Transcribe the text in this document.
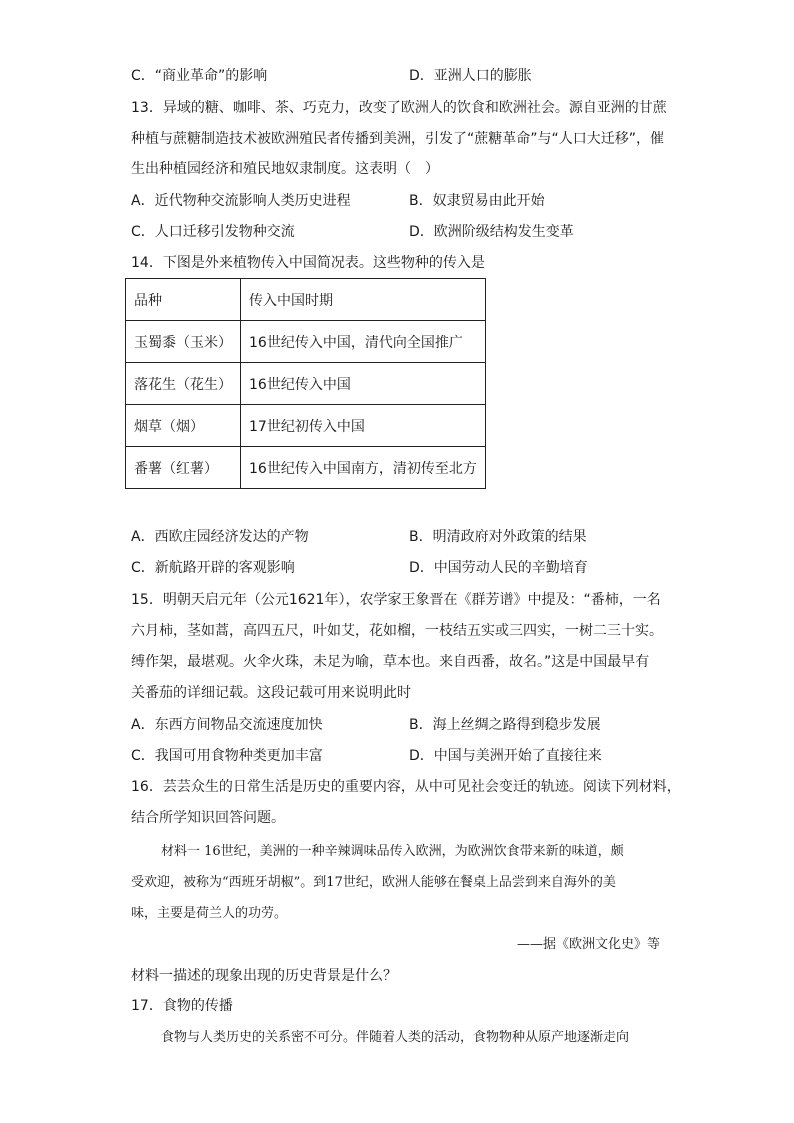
C．“商业革命”的影响	D．亚洲人口的膨胀
13．异域的糖、咖啡、茶、巧克力，改变了欧洲人的饮食和欧洲社会。源自亚洲的甘蔗
种植与蔗糖制造技术被欧洲殖民者传播到美洲，引发了“蔗糖革命”与“人口大迁移”，催
生出种植园经济和殖民地奴隶制度。这表明（　）
A．近代物种交流影响人类历史进程	B．奴隶贸易由此开始
C．人口迁移引发物种交流	D．欧洲阶级结构发生变革
14．下图是外来植物传入中国简况表。这些物种的传入是
品种	传入中国时期
玉蜀黍（玉米）	16世纪传入中国，清代向全国推广
落花生（花生）	16世纪传入中国
烟草（烟）	17世纪初传入中国
番薯（红薯）	16世纪传入中国南方，清初传至北方
A．西欧庄园经济发达的产物	B．明清政府对外政策的结果
C．新航路开辟的客观影响	D．中国劳动人民的辛勤培育
15．明朝天启元年（公元1621年），农学家王象晋在《群芳谱》中提及：“番柿，一名
六月柿，茎如蒿，高四五尺，叶如艾，花如榴，一枝结五实或三四实，一树二三十实。
缚作架，最堪观。火伞火珠，未足为喻，草本也。来自西番，故名。”这是中国最早有
关番茄的详细记载。这段记载可用来说明此时
A．东西方间物品交流速度加快	B．海上丝绸之路得到稳步发展
C．我国可用食物种类更加丰富	D．中国与美洲开始了直接往来
16．芸芸众生的日常生活是历史的重要内容，从中可见社会变迁的轨迹。阅读下列材料，
结合所学知识回答问题。
材料一 16世纪，美洲的一种辛辣调味品传入欧洲，为欧洲饮食带来新的味道，颇
受欢迎，被称为“西班牙胡椒”。到17世纪，欧洲人能够在餐桌上品尝到来自海外的美
味，主要是荷兰人的功劳。
——据《欧洲文化史》等
材料一描述的现象出现的历史背景是什么？
17．食物的传播
食物与人类历史的关系密不可分。伴随着人类的活动，食物物种从原产地逐渐走向
